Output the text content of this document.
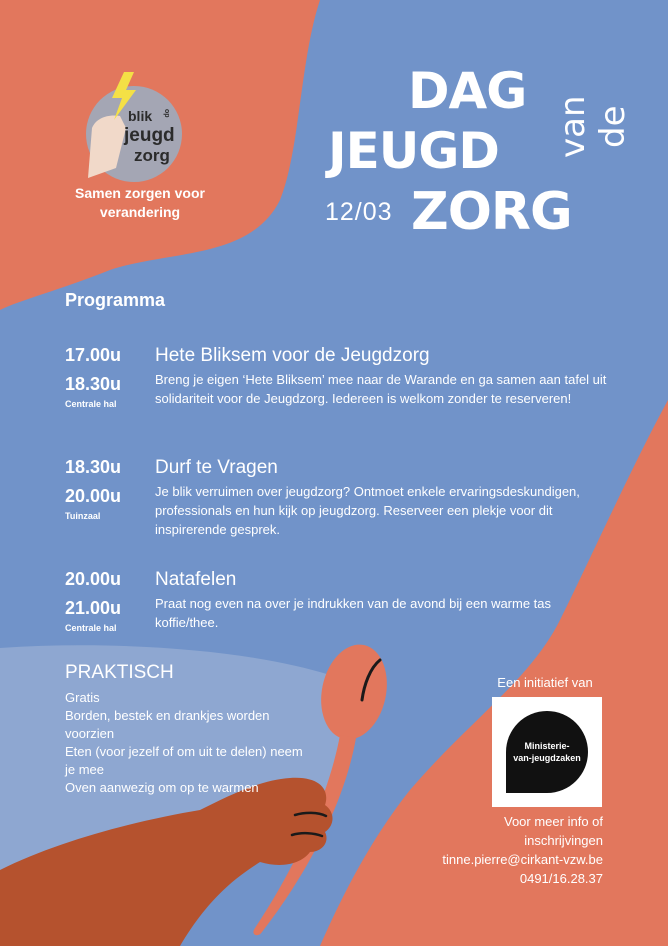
blik op
jeugd
zorg
Samen zorgen voor verandering
DAG
JEUGD
ZORG
van de
12/03
Programma
17.00u
18.30u
Centrale hal
Hete Bliksem voor de Jeugdzorg
Breng je eigen ‘Hete Bliksem’ mee naar de Warande en ga samen aan tafel uit solidariteit voor de Jeugdzorg. Iedereen is welkom zonder te reserveren!
18.30u
20.00u
Tuinzaal
Durf te Vragen
Je blik verruimen over jeugdzorg? Ontmoet enkele ervaringsdeskundigen, professionals en hun kijk op jeugdzorg. Reserveer een plekje voor dit inspirerende gesprek.
20.00u
21.00u
Centrale hal
Natafelen
Praat nog even na over je indrukken van de avond bij een warme tas koffie/thee.
PRAKTISCH
Gratis
Borden, bestek en drankjes worden voorzien
Eten (voor jezelf of om uit te delen) neem je mee
Oven aanwezig om op te warmen
Een initiatief van
Ministerie-
van-jeugdzaken
Voor meer info of
inschrijvingen
tinne.pierre@cirkant-vzw.be
0491/16.28.37
